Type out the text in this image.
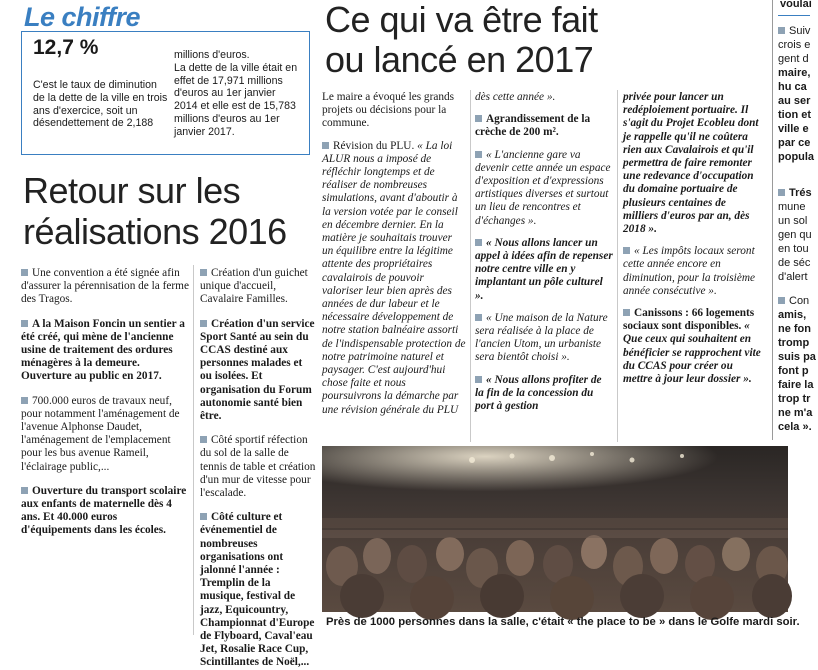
Le chiffre
12,7 %

C'est le taux de diminution de la dette de la ville en trois ans d'exercice, soit un désendettement de 2,188

millions d'euros.

La dette de la ville était en effet de 17,971 millions d'euros au 1er janvier 2014 et elle est de 15,783 millions d'euros au 1er janvier 2017.

Retour sur les
réalisations 2016

Une convention a été signée afin d'assurer la pérennisation de la ferme des Tragos.

A la Maison Foncin un sentier a été créé, qui mène de l'ancienne usine de traitement des ordures ménagères à la demeure. Ouverture au public en 2017.

700.000 euros de travaux neuf, pour notamment l'aménagement de l'avenue Alphonse Daudet, l'aménagement de l'emplacement pour les bus avenue Rameil, l'éclairage public,...

Ouverture du transport scolaire aux enfants de maternelle dès 4 ans. Et 40.000 euros d'équipements dans les écoles.

Création d'un guichet unique d'accueil, Cavalaire Familles.

Création d'un service Sport Santé au sein du CCAS destiné aux personnes malades et ou isolées. Et organisation du Forum autonomie santé bien être.

Côté sportif réfection du sol de la salle de tennis de table et création d'un mur de vitesse pour l'escalade.

Côté culture et événementiel de nombreuses organisations ont jalonné l'année : Tremplin de la musique, festival de jazz, Equicountry, Championnat d'Europe de Flyboard, Caval'eau Jet, Rosalie Race Cup, Scintillantes de Noël,...

Ce qui va être fait
ou lancé en 2017

Le maire a évoqué les grands projets ou décisions pour la commune.

Révision du PLU. « La loi ALUR nous a imposé de réfléchir longtemps et de réaliser de nombreuses simulations, avant d'aboutir à la version votée par le conseil en décembre dernier. En la matière je souhaitais trouver un équilibre entre la légitime attente des propriétaires cavalairois de pouvoir valoriser leur bien après des années de dur labeur et le nécessaire développement de notre station balnéaire assorti de l'indispensable protection de notre patrimoine naturel et paysager. C'est aujourd'hui chose faite et nous poursuivrons la démarche par une révision générale du PLU

dès cette année ».

Agrandissement de la crèche de 200 m².

« L'ancienne gare va devenir cette année un espace d'exposition et d'expressions artistiques diverses et surtout un lieu de rencontres et d'échanges ».

« Nous allons lancer un appel à idées afin de repenser notre centre ville en y implantant un pôle culturel ».

« Une maison de la Nature sera réalisée à la place de l'ancien Utom, un urbaniste sera bientôt choisi ».

« Nous allons profiter de la fin de la concession du port à gestion

privée pour lancer un redéploiement portuaire. Il s'agit du Projet Ecobleu dont je rappelle qu'il ne coûtera rien aux Cavalairois et qu'il permettra de faire remonter une redevance d'occupation du domaine portuaire de plusieurs centaines de milliers d'euros par an, dès 2018 ».

« Les impôts locaux seront cette année encore en diminution, pour la troisième année consécutive ».

Canissons : 66 logements sociaux sont disponibles. « Que ceux qui souhaitent en bénéficier se rapprochent vite du CCAS pour créer ou mettre à jour leur dossier ».

Près de 1000 personnes dans la salle, c'était « the place to be » dans le Golfe mardi soir.
voulai
Suiv
crois e
gent d
maire,
hu ca
au ser
tion et
ville e
par ce
popula
Trés
mune
un sol
gen qu
en tou
de séc
d'alert
Con
amis,
ne fon
tromp
suis pa
font p
faire la
trop tr
ne m'a
cela ».
